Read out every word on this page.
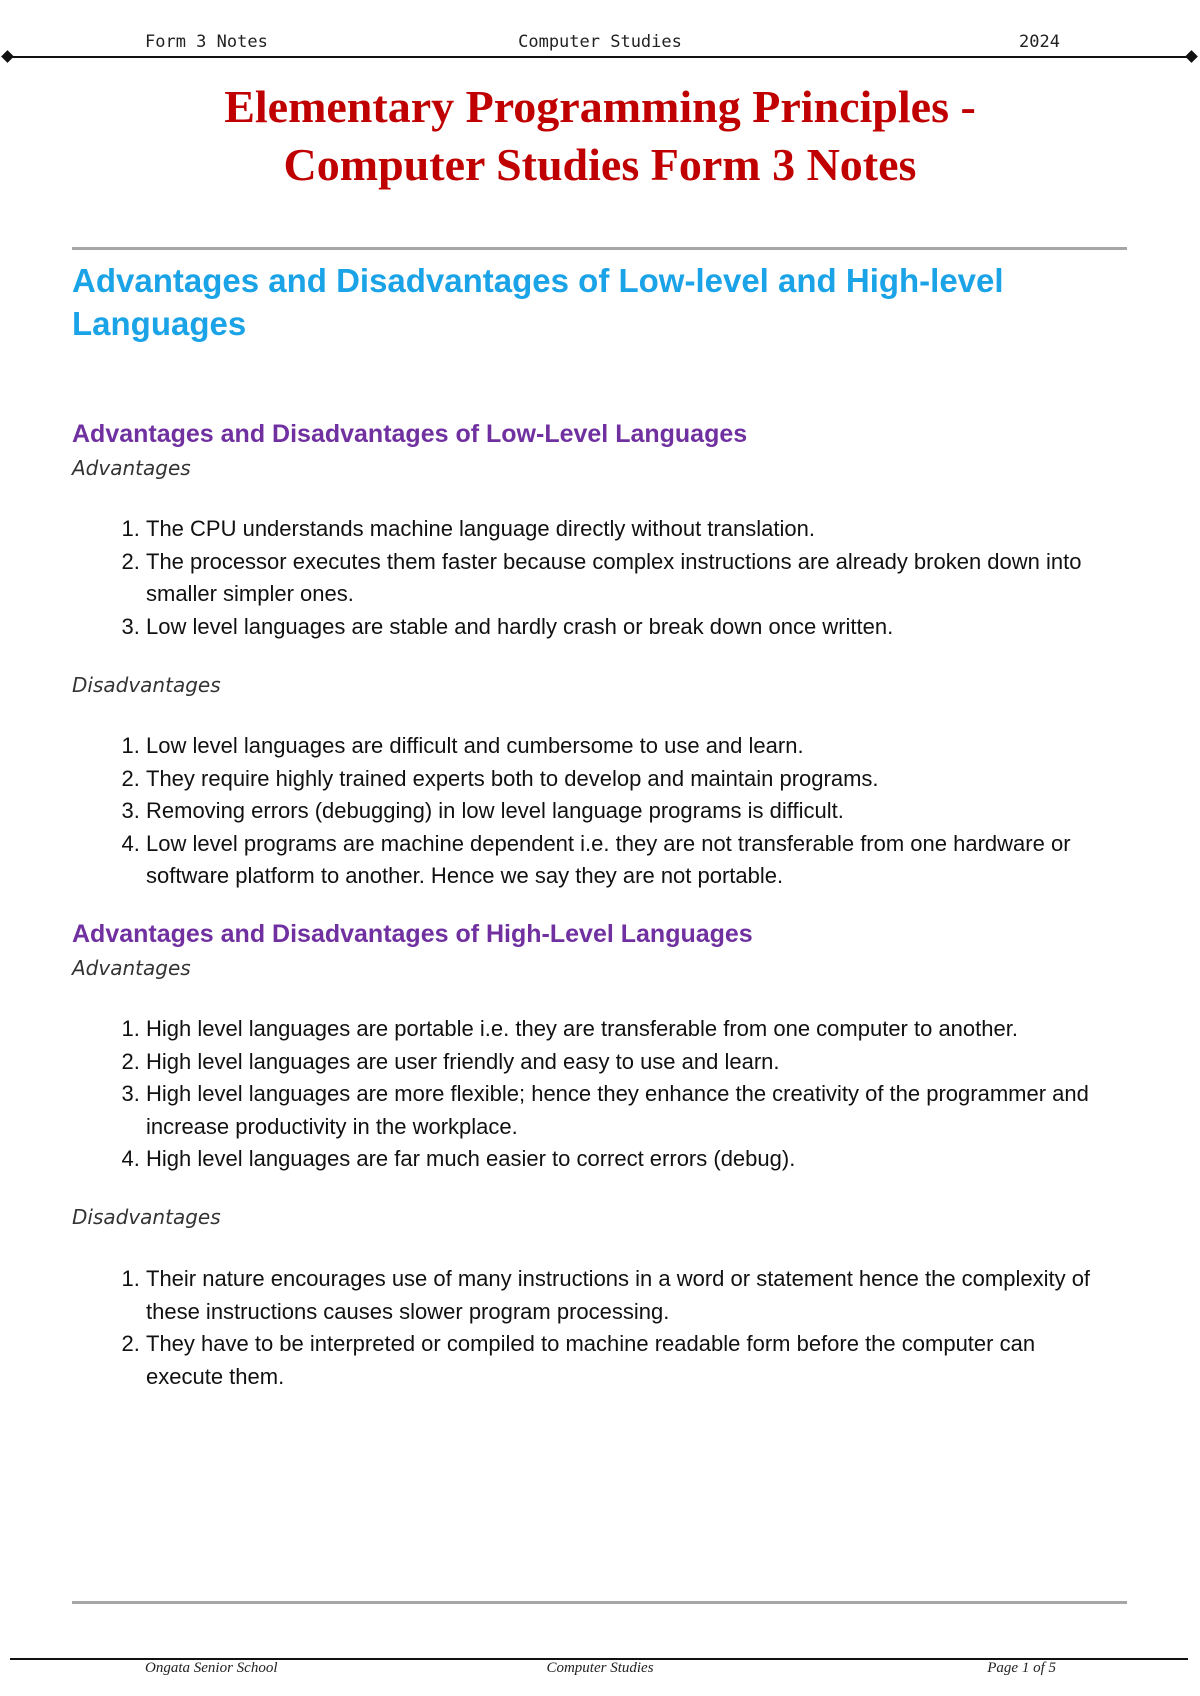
Form 3 Notes	Computer Studies	2024
Elementary Programming Principles -
Computer Studies Form 3 Notes
Advantages and Disadvantages of Low-level and High-level Languages
Advantages and Disadvantages of Low-Level Languages
Advantages
1. The CPU understands machine language directly without translation.
2. The processor executes them faster because complex instructions are already broken down into smaller simpler ones.
3. Low level languages are stable and hardly crash or break down once written.
Disadvantages
1. Low level languages are difficult and cumbersome to use and learn.
2. They require highly trained experts both to develop and maintain programs.
3. Removing errors (debugging) in low level language programs is difficult.
4. Low level programs are machine dependent i.e. they are not transferable from one hardware or software platform to another. Hence we say they are not portable.
Advantages and Disadvantages of High-Level Languages
Advantages
1. High level languages are portable i.e. they are transferable from one computer to another.
2. High level languages are user friendly and easy to use and learn.
3. High level languages are more flexible; hence they enhance the creativity of the programmer and increase productivity in the workplace.
4. High level languages are far much easier to correct errors (debug).
Disadvantages
1. Their nature encourages use of many instructions in a word or statement hence the complexity of these instructions causes slower program processing.
2. They have to be interpreted or compiled to machine readable form before the computer can execute them.
Ongata Senior School	Computer Studies	Page 1 of 5
